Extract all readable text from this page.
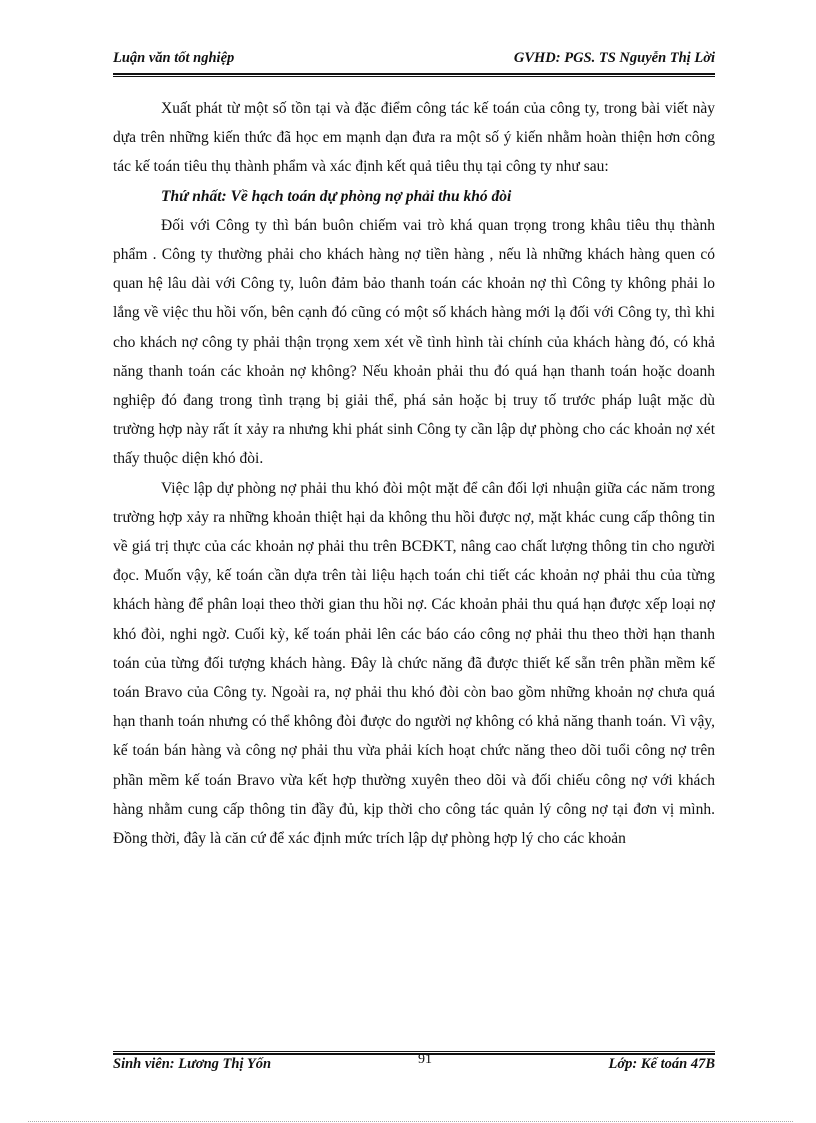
Luận văn tốt nghiệp	GVHD: PGS. TS Nguyễn Thị Lời

Xuất phát từ một số tồn tại và đặc điểm công tác kế toán của công ty, trong bài viết này dựa trên những kiến thức đã học em mạnh dạn đưa ra một số ý kiến nhằm hoàn thiện hơn công tác kế toán tiêu thụ thành phẩm và xác định kết quả tiêu thụ tại công ty như sau:

Thứ nhất: Về hạch toán dự phòng nợ phải thu khó đòi

Đối với Công ty thì bán buôn chiếm vai trò khá quan trọng trong khâu tiêu thụ thành phẩm . Công ty thường phải cho khách hàng nợ tiền hàng , nếu là những khách hàng quen có quan hệ lâu dài với Công ty, luôn đảm bảo thanh toán các khoản nợ thì Công ty không phải lo lắng về việc thu hồi vốn, bên cạnh đó cũng có một số khách hàng mới lạ đối với Công ty, thì khi cho khách nợ công ty phải thận trọng xem xét về tình hình tài chính của khách hàng đó, có khả năng thanh toán các khoản nợ không? Nếu khoản phải thu đó quá hạn thanh toán hoặc doanh nghiệp đó đang trong tình trạng bị giải thể, phá sản hoặc bị truy tố trước pháp luật mặc dù trường hợp này rất ít xảy ra nhưng khi phát sinh Công ty cần lập dự phòng cho các khoản nợ xét thấy thuộc diện khó đòi.

Việc lập dự phòng nợ phải thu khó đòi một mặt để cân đối lợi nhuận giữa các năm trong trường hợp xảy ra những khoản thiệt hại da không thu hồi được nợ, mặt khác cung cấp thông tin về giá trị thực của các khoản nợ phải thu trên BCĐKT, nâng cao chất lượng thông tin cho người đọc. Muốn vậy, kế toán cần dựa trên tài liệu hạch toán chi tiết các khoản nợ phải thu của từng khách hàng để phân loại theo thời gian thu hồi nợ. Các khoản phải thu quá hạn được xếp loại nợ khó đòi, nghi ngờ. Cuối kỳ, kế toán phải lên các báo cáo công nợ phải thu theo thời hạn thanh toán của từng đối tượng khách hàng. Đây là chức năng đã được thiết kế sẵn trên phần mềm kế toán Bravo của Công ty. Ngoài ra, nợ phải thu khó đòi còn bao gồm những khoản nợ chưa quá hạn thanh toán nhưng có thể không đòi được do người nợ không có khả năng thanh toán. Vì vậy, kế toán bán hàng và công nợ phải thu vừa phải kích hoạt chức năng theo dõi tuổi công nợ trên phần mềm kế toán Bravo vừa kết hợp thường xuyên theo dõi và đối chiếu công nợ với khách hàng nhằm cung cấp thông tin đầy đủ, kịp thời cho công tác quản lý công nợ tại đơn vị mình. Đồng thời, đây là căn cứ để xác định mức trích lập dự phòng hợp lý cho các khoản

Sinh viên: Lương Thị Yốn	Lớp: Kế toán 47B
91
